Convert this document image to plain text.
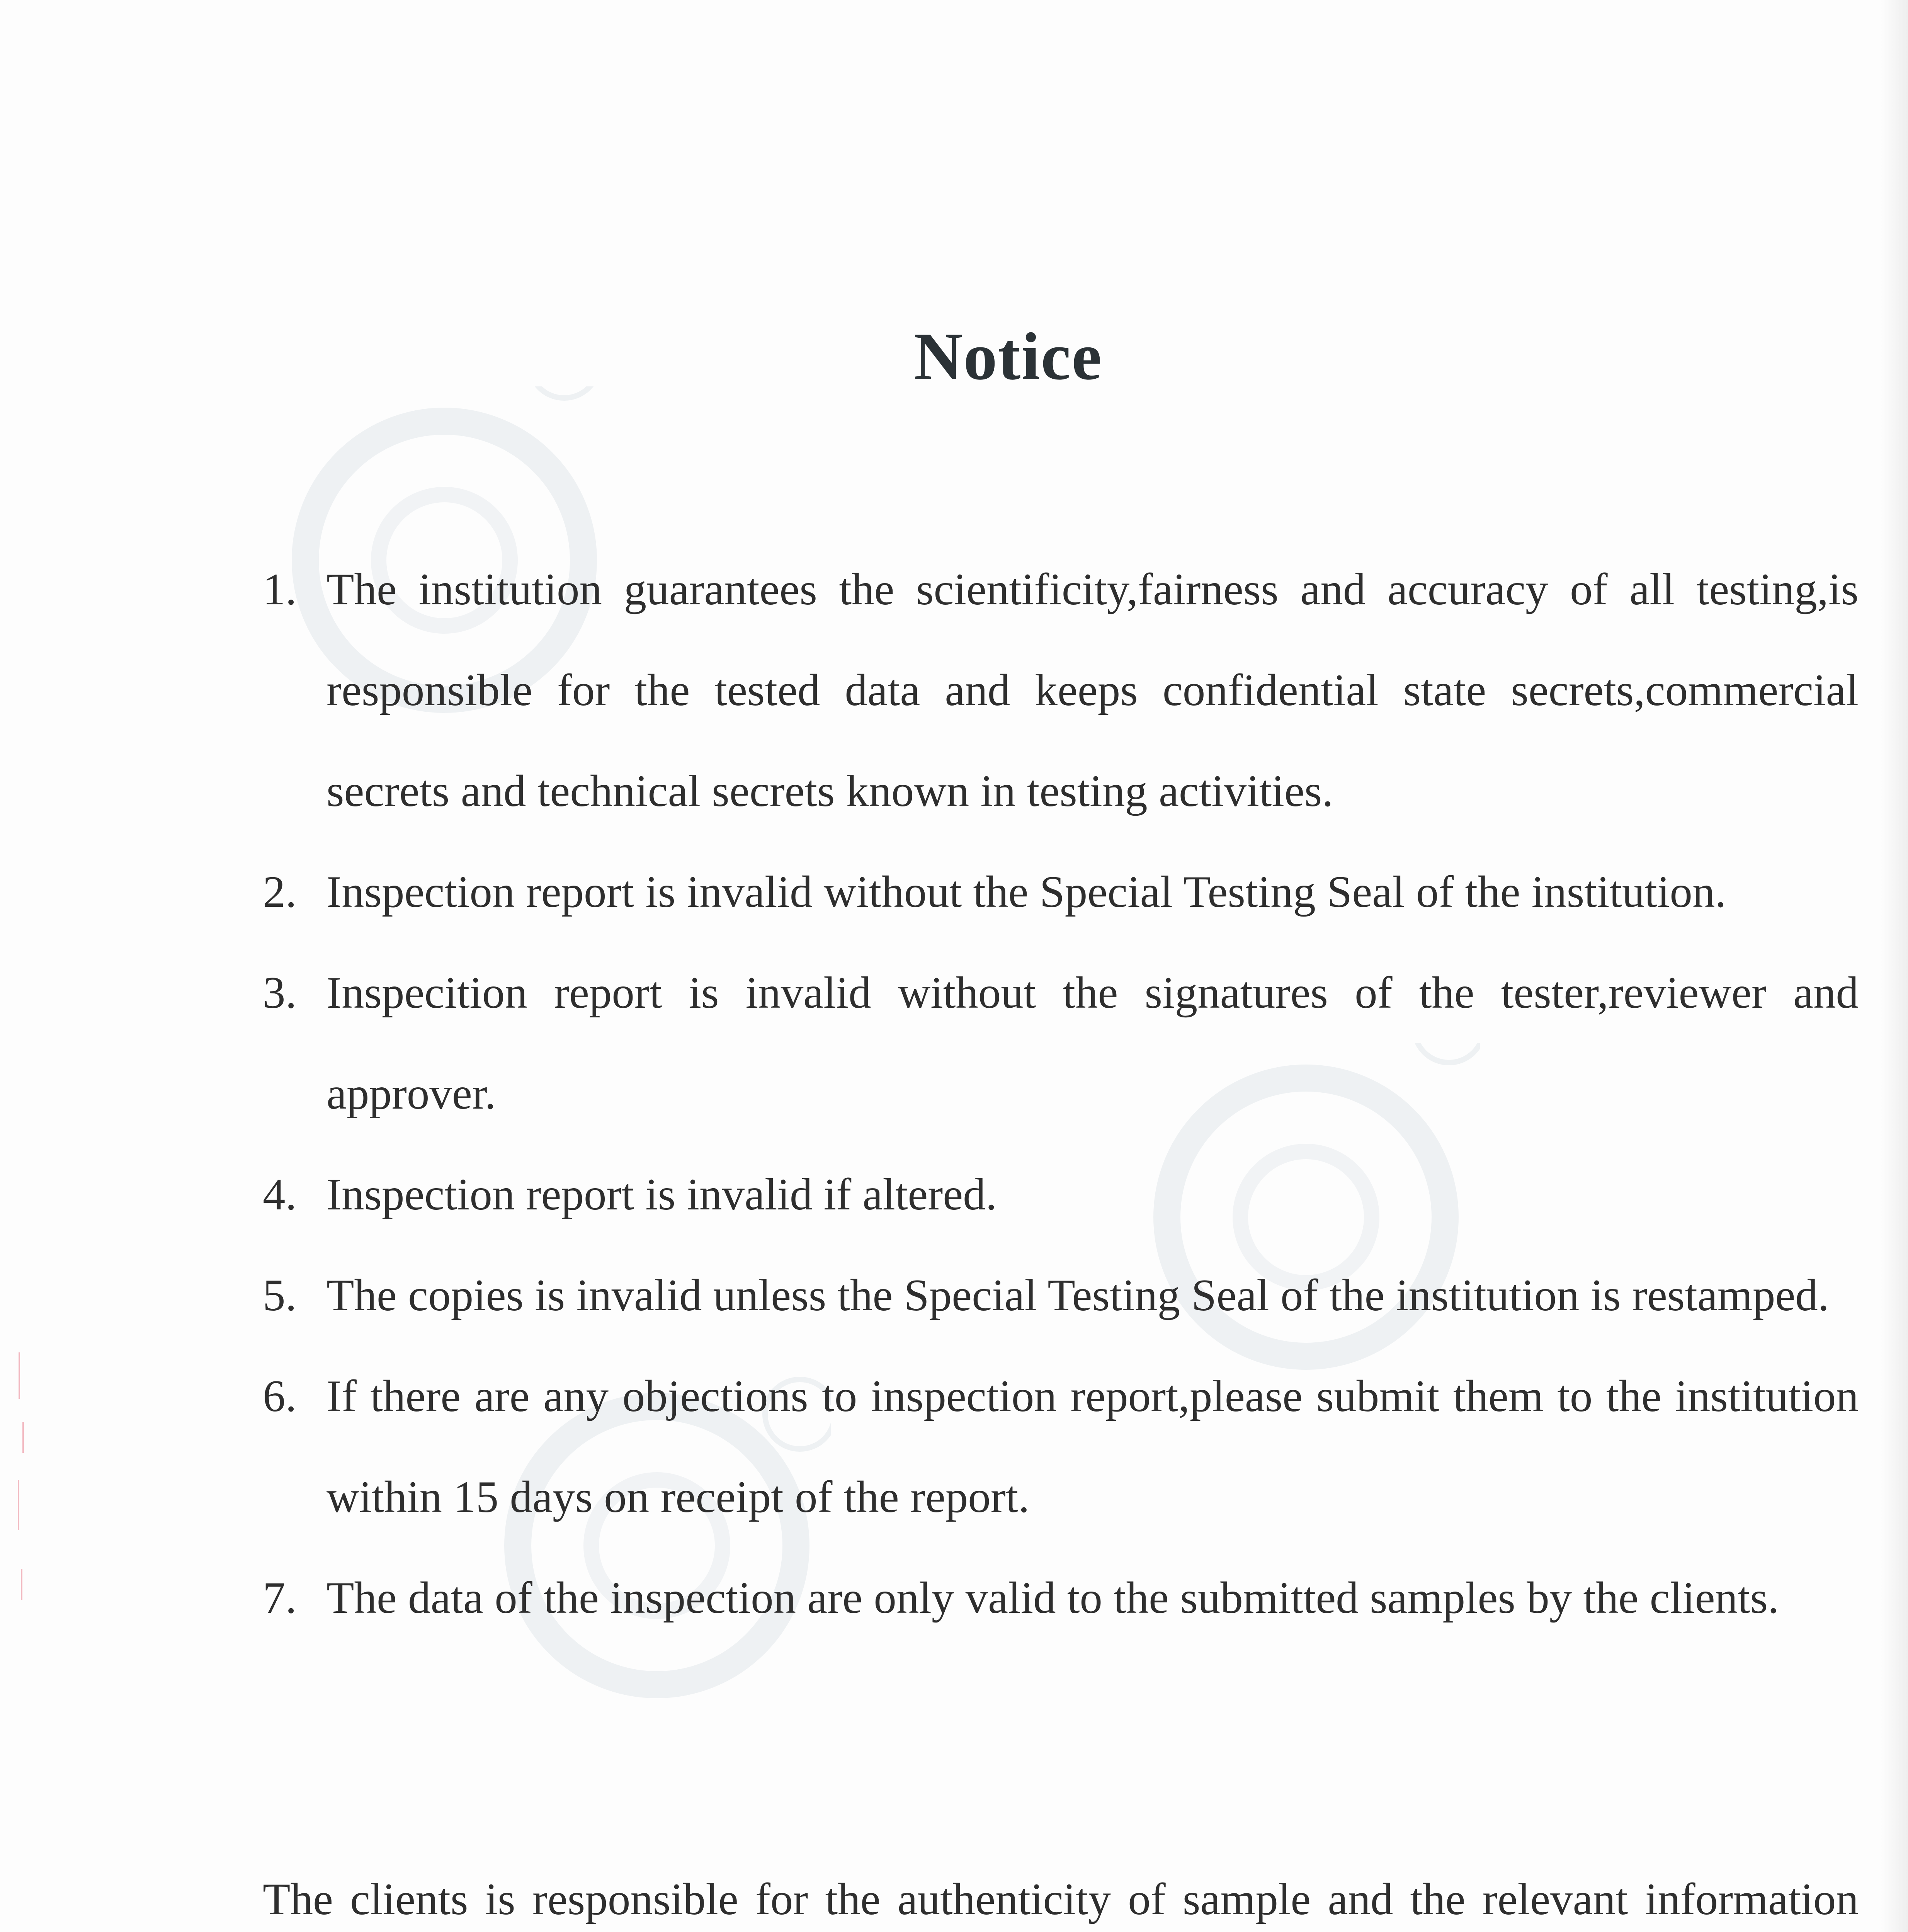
Notice
1. The institution guarantees the scientificity,fairness and accuracy of all testing,is responsible for the tested data and keeps confidential state secrets,commercial secrets and technical secrets known in testing activities.
2. Inspection report is invalid without the Special Testing Seal of the institution.
3. Inspecition report is invalid without the signatures of the tester,reviewer and approver.
4. Inspection report is invalid if altered.
5. The copies is invalid unless the Special Testing Seal of the institution is restamped.
6. If there are any objections to inspection report,please submit them to the institution within 15 days on receipt of the report.
7. The data of the inspection are only valid to the submitted samples by the clients.

The clients is responsible for the authenticity of sample and the relevant information
